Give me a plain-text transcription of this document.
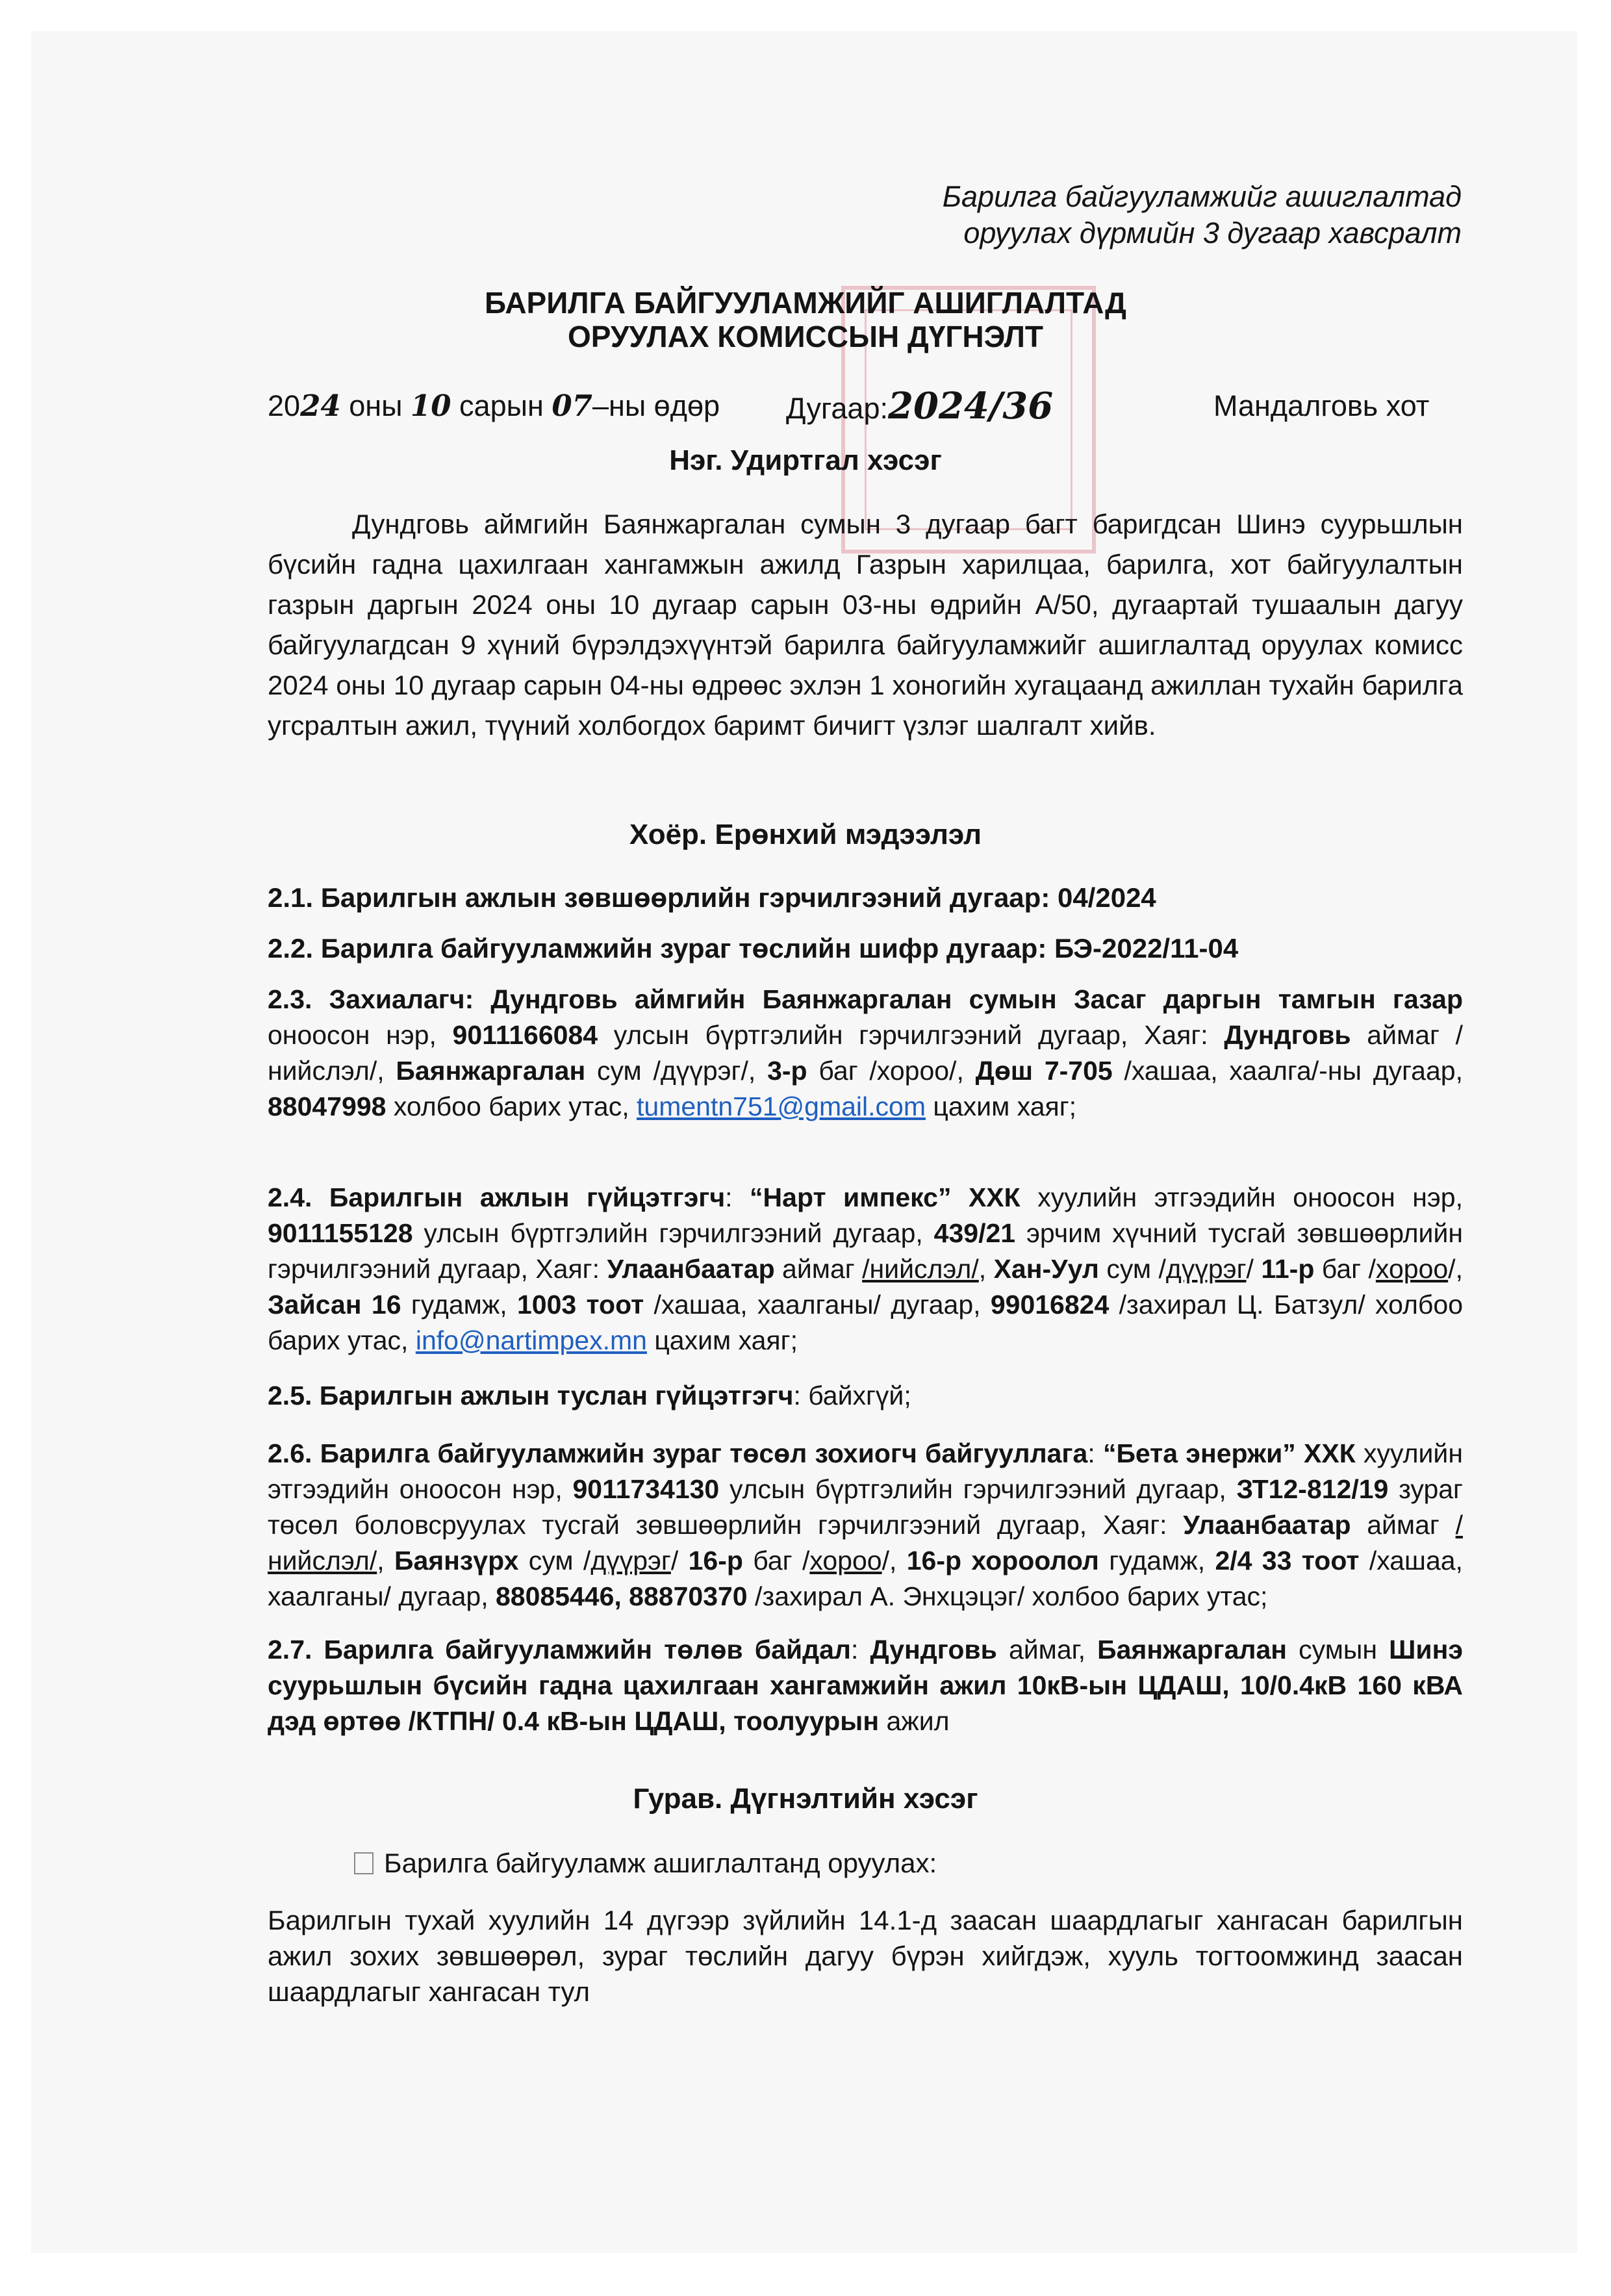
Барилга байгууламжийг ашиглалтад
оруулах дүрмийн 3 дугаар хавсралт
БАРИЛГА БАЙГУУЛАМЖИЙГ АШИГЛАЛТАД
ОРУУЛАХ КОМИССЫН ДҮГНЭЛТ
2024 оны 10 сарын 07–ны өдөр Дугаар:2024/36	Мандалговь хот
Нэг. Удиртгал хэсэг
Дундговь аймгийн Баянжаргалан сумын 3 дугаар багт баригдсан Шинэ суурьшлын бүсийн гадна цахилгаан хангамжын ажилд Газрын харилцаа, барилга, хот байгуулалтын газрын даргын 2024 оны 10 дугаар сарын 03-ны өдрийн А/50, дугаартай тушаалын дагуу байгуулагдсан 9 хүний бүрэлдэхүүнтэй барилга байгууламжийг ашиглалтад оруулах комисс 2024 оны 10 дугаар сарын 04-ны өдрөөс эхлэн 1 хоногийн хугацаанд ажиллан тухайн барилга угсралтын ажил, түүний холбогдох баримт бичигт үзлэг шалгалт хийв.
Хоёр. Ерөнхий мэдээлэл
2.1. Барилгын ажлын зөвшөөрлийн гэрчилгээний дугаар: 04/2024
2.2. Барилга байгууламжийн зураг төслийн шифр дугаар: БЭ-2022/11-04
2.3. Захиалагч: Дундговь аймгийн Баянжаргалан сумын Засаг даргын тамгын газар оноосон нэр, 9011166084 улсын бүртгэлийн гэрчилгээний дугаар, Хаяг: Дундговь аймаг /нийслэл/, Баянжаргалан сум /дүүрэг/, 3-р баг /хороо/, Дөш 7-705 /хашаа, хаалга/-ны дугаар, 88047998 холбоо барих утас, tumentn751@gmail.com цахим хаяг;
2.4. Барилгын ажлын гүйцэтгэгч: “Нарт импекс” ХХК хуулийн этгээдийн оноосон нэр, 9011155128 улсын бүртгэлийн гэрчилгээний дугаар, 439/21 эрчим хүчний тусгай зөвшөөрлийн гэрчилгээний дугаар, Хаяг: Улаанбаатар аймаг /нийслэл/, Хан-Уул сум /дүүрэг/ 11-р баг /хороо/, Зайсан 16 гудамж, 1003 тоот /хашаа, хаалганы/ дугаар, 99016824 /захирал Ц. Батзул/ холбоо барих утас, info@nartimpex.mn цахим хаяг;
2.5. Барилгын ажлын туслан гүйцэтгэгч: байхгүй;
2.6. Барилга байгууламжийн зураг төсөл зохиогч байгууллага: “Бета энержи” ХХК хуулийн этгээдийн оноосон нэр, 9011734130 улсын бүртгэлийн гэрчилгээний дугаар, ЗТ12-812/19 зураг төсөл боловсруулах тусгай зөвшөөрлийн гэрчилгээний дугаар, Хаяг: Улаанбаатар аймаг /нийслэл/, Баянзүрх сум /дүүрэг/ 16-р баг /хороо/, 16-р хороолол гудамж, 2/4 33 тоот /хашаа, хаалганы/ дугаар, 88085446, 88870370 /захирал А. Энхцэцэг/ холбоо барих утас;
2.7. Барилга байгууламжийн төлөв байдал: Дундговь аймаг, Баянжаргалан сумын Шинэ суурьшлын бүсийн гадна цахилгаан хангамжийн ажил 10кВ-ын ЦДАШ, 10/0.4кВ 160 кВА дэд өртөө /КТПН/ 0.4 кВ-ын ЦДАШ, тоолуурын ажил
Гурав. Дүгнэлтийн хэсэг
Барилга байгууламж ашиглалтанд оруулах:
Барилгын тухай хуулийн 14 дүгээр зүйлийн 14.1-д заасан шаардлагыг хангасан барилгын ажил зохих зөвшөөрөл, зураг төслийн дагуу бүрэн хийгдэж, хууль тогтоомжинд заасан шаардлагыг хангасан тул
